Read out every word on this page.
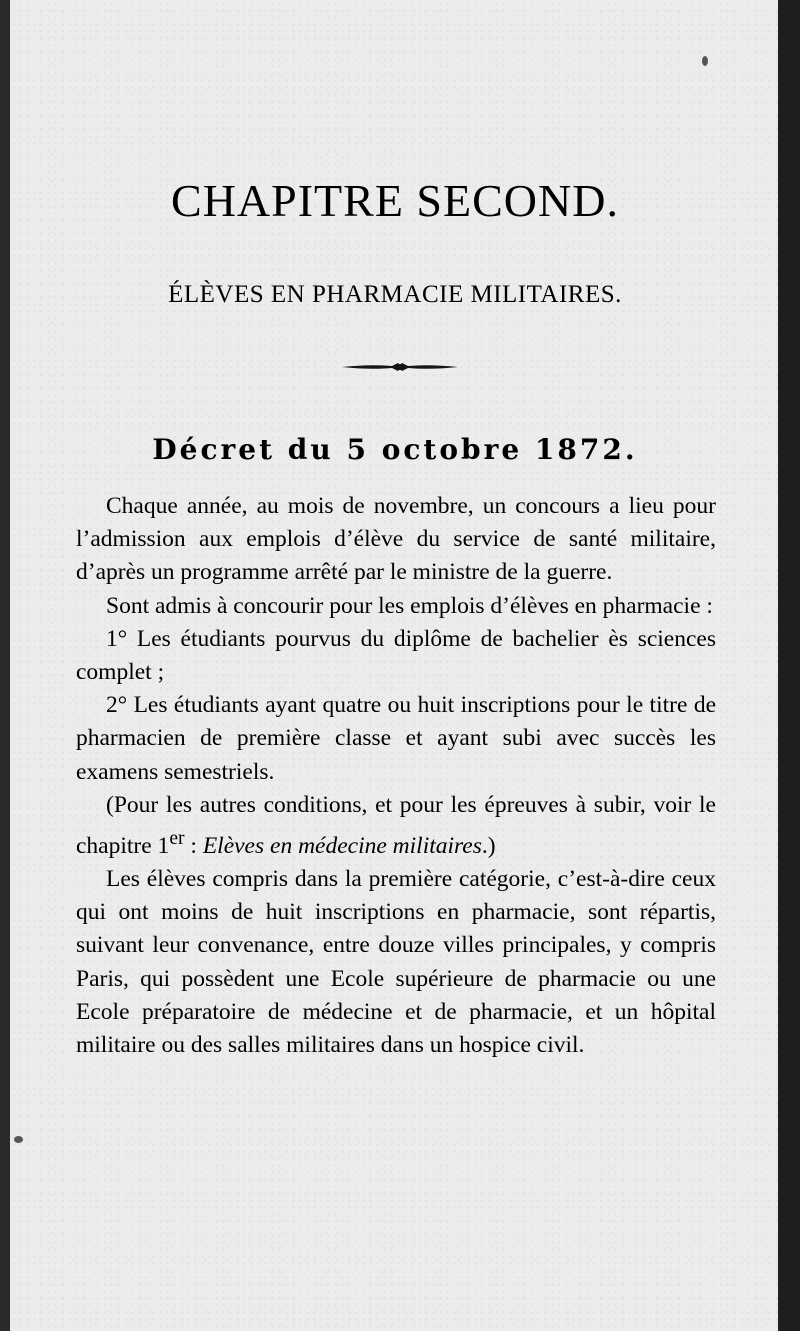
CHAPITRE SECOND.
ÉLÈVES EN PHARMACIE MILITAIRES.
Décret du 5 octobre 1872.

Chaque année, au mois de novembre, un concours a lieu pour l’admission aux emplois d’élève du service de santé militaire, d’après un programme arrêté par le ministre de la guerre.

Sont admis à concourir pour les emplois d’élèves en pharmacie :

1° Les étudiants pourvus du diplôme de bachelier ès sciences complet ;

2° Les étudiants ayant quatre ou huit inscriptions pour le titre de pharmacien de première classe et ayant subi avec succès les examens semestriels.

(Pour les autres conditions, et pour les épreuves à subir, voir le chapitre 1er : Elèves en médecine militaires.)

Les élèves compris dans la première catégorie, c’est-à-dire ceux qui ont moins de huit inscriptions en pharmacie, sont répartis, suivant leur convenance, entre douze villes principales, y compris Paris, qui possèdent une Ecole supérieure de pharmacie ou une Ecole préparatoire de médecine et de pharmacie, et un hôpital militaire ou des salles militaires dans un hospice civil.
